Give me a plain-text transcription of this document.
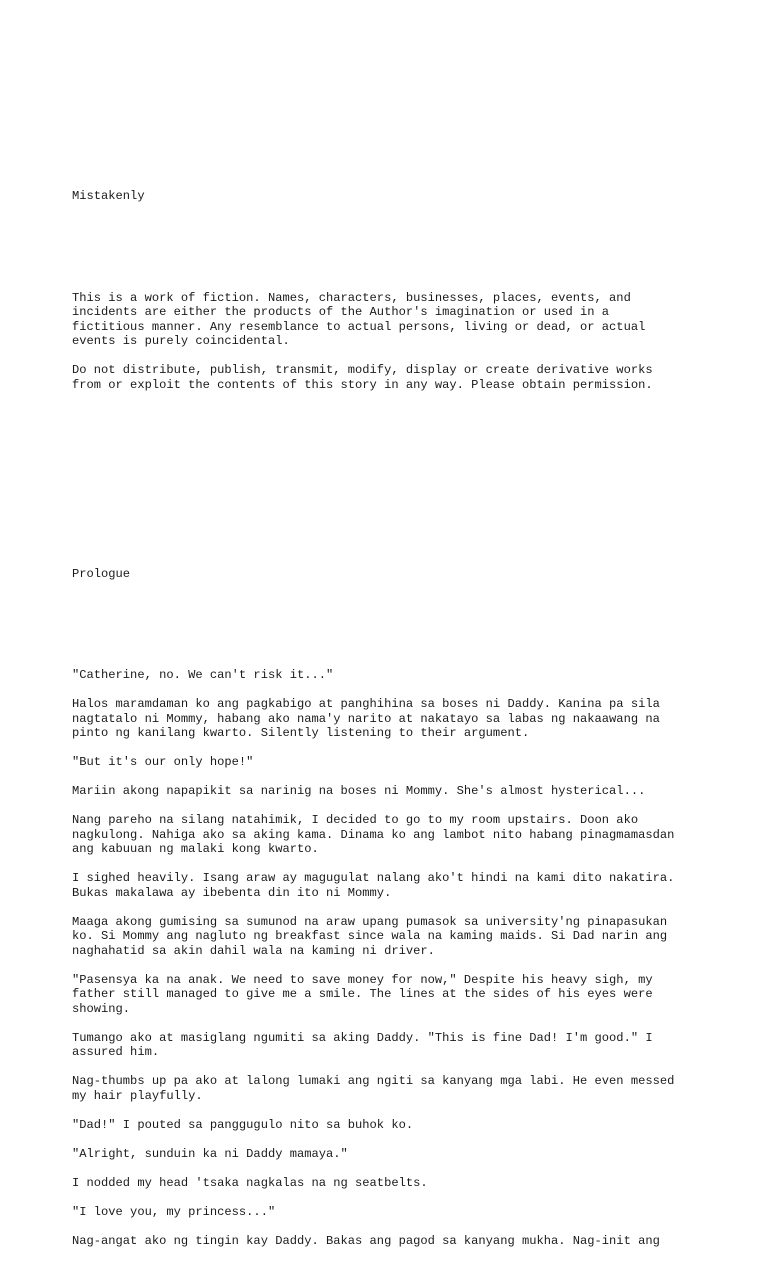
Mistakenly

This is a work of fiction. Names, characters, businesses, places, events, and
incidents are either the products of the Author's imagination or used in a
fictitious manner. Any resemblance to actual persons, living or dead, or actual
events is purely coincidental.
Do not distribute, publish, transmit, modify, display or create derivative works
from or exploit the contents of this story in any way. Please obtain permission.

Prologue

"Catherine, no. We can't risk it..."
Halos maramdaman ko ang pagkabigo at panghihina sa boses ni Daddy. Kanina pa sila
nagtatalo ni Mommy, habang ako nama'y narito at nakatayo sa labas ng nakaawang na
pinto ng kanilang kwarto. Silently listening to their argument.
"But it's our only hope!"
Mariin akong napapikit sa narinig na boses ni Mommy. She's almost hysterical...
Nang pareho na silang natahimik, I decided to go to my room upstairs. Doon ako
nagkulong. Nahiga ako sa aking kama. Dinama ko ang lambot nito habang pinagmamasdan
ang kabuuan ng malaki kong kwarto.
I sighed heavily. Isang araw ay magugulat nalang ako't hindi na kami dito nakatira.
Bukas makalawa ay ibebenta din ito ni Mommy.
Maaga akong gumising sa sumunod na araw upang pumasok sa university'ng pinapasukan
ko. Si Mommy ang nagluto ng breakfast since wala na kaming maids. Si Dad narin ang
naghahatid sa akin dahil wala na kaming ni driver.
"Pasensya ka na anak. We need to save money for now," Despite his heavy sigh, my
father still managed to give me a smile. The lines at the sides of his eyes were
showing.
Tumango ako at masiglang ngumiti sa aking Daddy. "This is fine Dad! I'm good." I
assured him.
Nag-thumbs up pa ako at lalong lumaki ang ngiti sa kanyang mga labi. He even messed
my hair playfully.
"Dad!" I pouted sa panggugulo nito sa buhok ko.
"Alright, sunduin ka ni Daddy mamaya."
I nodded my head 'tsaka nagkalas na ng seatbelts.
"I love you, my princess..."
Nag-angat ako ng tingin kay Daddy. Bakas ang pagod sa kanyang mukha. Nag-init ang
